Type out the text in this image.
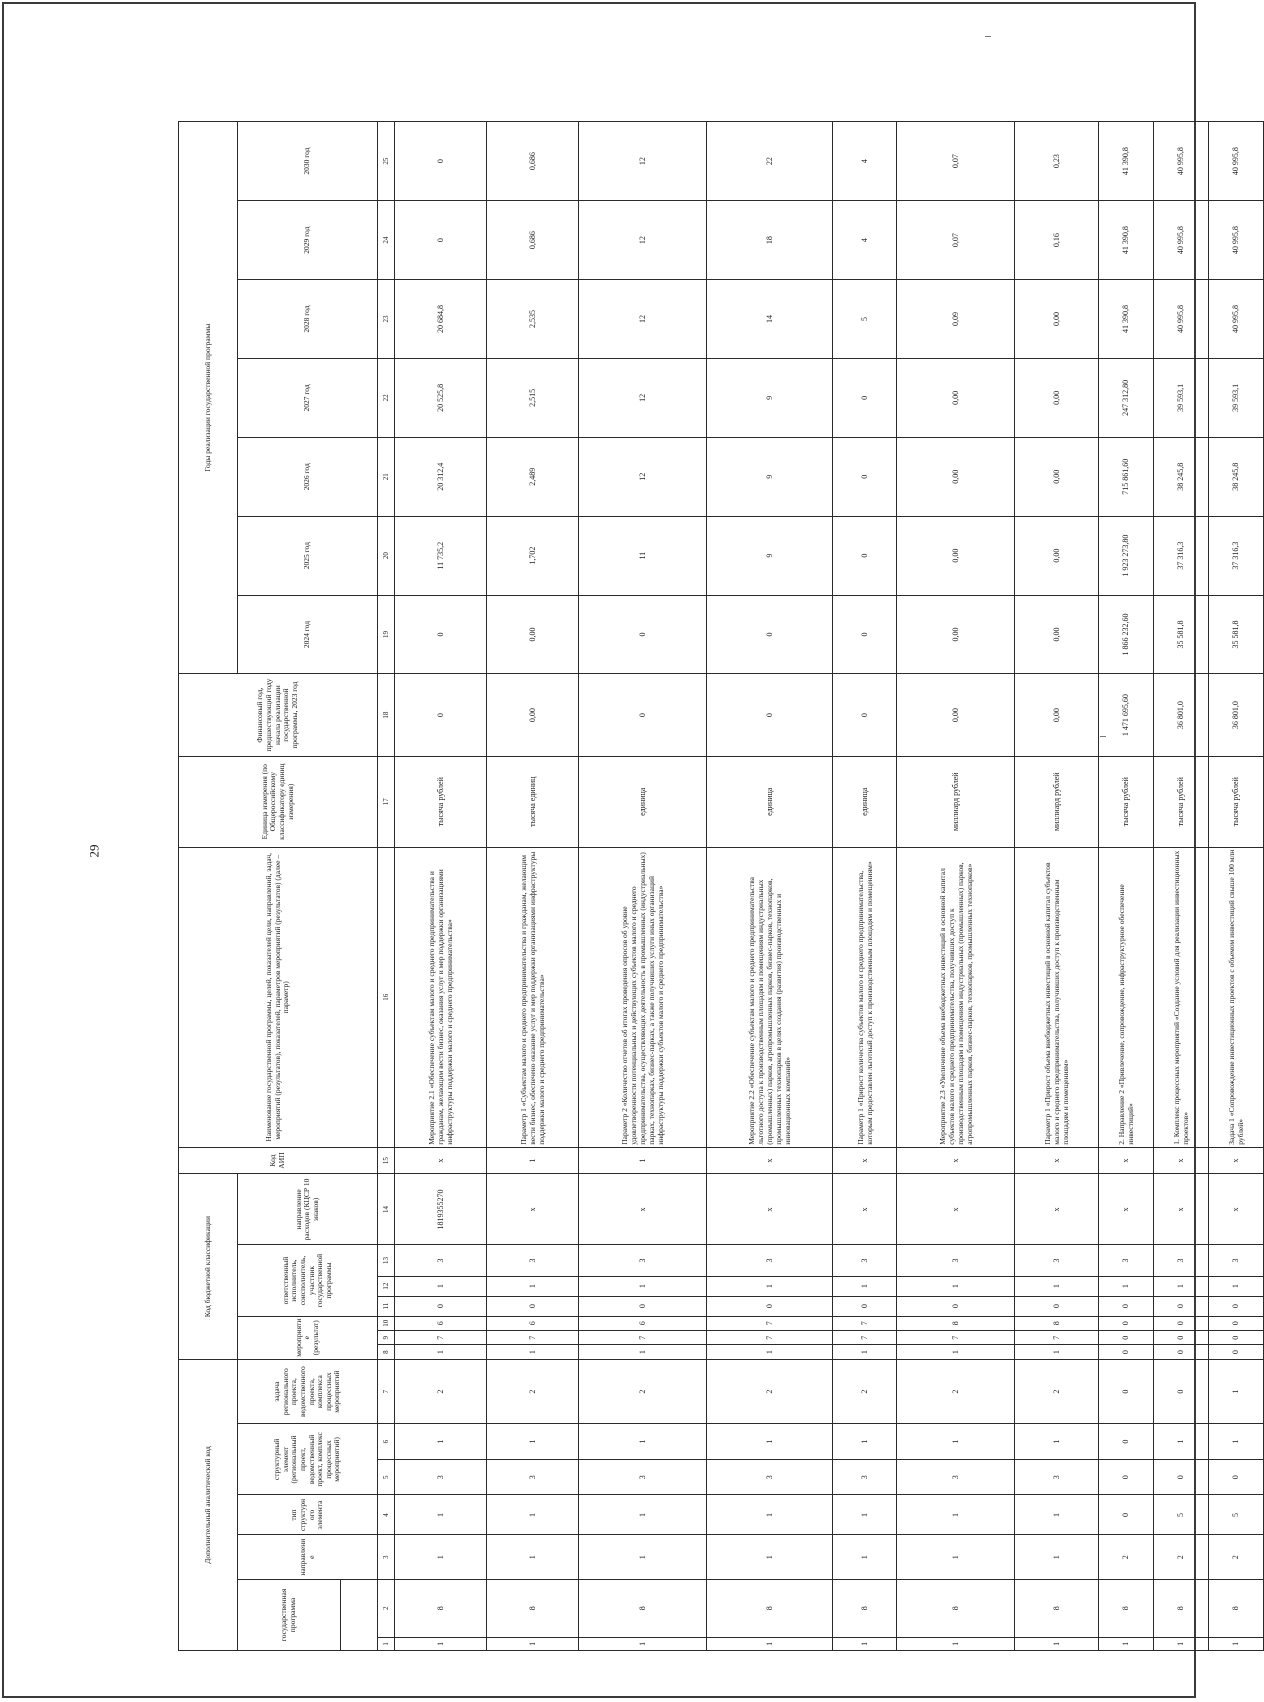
29
Дополнительный аналитический код							Код бюджетной классификации							Код АИП	Наименование государственной программы, целей, показателей цели, направлений, задач, мероприятий (результатов), показателей, параметров мероприятий (результатов) (далее – параметр)	Единица измерения (по Общероссийскому классификатору единиц измерения)	Финансовый год, предшествующий году начала реализации государственной программы, 2023 год	Годы реализации государственной программы						
государственная программа		направление	тип структурного элемента	структурный элемент (региональный проект, ведомственный проект, комплекс процессных мероприятий)		задача регионального проекта, ведомственного проекта, комплекса процессных мероприятий	мероприятие (результат)			ответственный исполнитель, соисполнитель, участник государственной программы			направление расходов (КЦСР 10 знаков)					2024 год	2025 год	2026 год	2027 год	2028 год	2029 год	2030 год

1	2	3	4	5	6	7	8	9	10	11	12	13	14	15	16	17	18	19	20	21	22	23	24	25
1	8	1	1	3	1	2	1	7	6	0	1	3	1819355270	х	Мероприятие 2.1 «Обеспечение субъектам малого и среднего предпринимательства и гражданам, желающим вести бизнес, оказания услуг и мер поддержки организациями инфраструктуры поддержки малого и среднего предпринимательства»	тысяча рублей	0	0	11 735,2	20 312,4	20 525,8	20 684,8	0	0
1	8	1	1	3	1	2	1	7	6	0	1	3	х	1	Параметр 1 «Субъектам малого и среднего предпринимательства и гражданам, желающим вести бизнес, обеспечено оказание услуг и мер поддержки организациями инфраструктуры поддержки малого и среднего предпринимательства»	тысяча единиц	0,00	0,00	1,702	2,489	2,515	2,535	0,686	0,686
1	8	1	1	3	1	2	1	7	6	0	1	3	х	1	Параметр 2 «Количество отчетов об итогах проведения опросов об уровне удовлетворенности потенциальных и действующих субъектов малого и среднего предпринимательства, осуществляющих деятельность в промышленных (индустриальных) парках, технопарках, бизнес-парках, а также получивших услуги иных организаций инфраструктуры поддержки субъектов малого и среднего предпринимательства»	единица	0	0	11	12	12	12	12	12
1	8	1	1	3	1	2	1	7	7	0	1	3	х	х	Мероприятие 2.2 «Обеспечение субъектам малого и среднего предпринимательства льготного доступа к производственным площадям и помещениям индустриальных (промышленных) парков, агропромышленных парков, бизнес-парков, технопарков, промышленных технопарков в целях создания (развития) производственных и инновационных компаний»	единица	0	0	9	9	9	14	18	22
1	8	1	1	3	1	2	1	7	7	0	1	3	х	х	Параметр 1 «Прирост количества субъектов малого и среднего предпринимательства, которым предоставлен льготный доступ к производственным площадям и помещениям»	единица	0	0	0	0	0	5	4	4
1	8	1	1	3	1	2	1	7	8	0	1	3	х	х	Мероприятие 2.3 «Увеличение объема внебюджетных инвестиций в основной капитал субъектов малого и среднего предпринимательства, получивших доступ к производственным площадям и помещениям индустриальных (промышленных) парков, агропромышленных парков, бизнес-парков, технопарков, промышленных технопарков»	миллиард рублей	0,00	0,00	0,00	0,00	0,00	0,09	0,07	0,07
1	8	1	1	3	1	2	1	7	8	0	1	3	х	х	Параметр 1 «Прирост объема внебюджетных инвестиций в основной капитал субъектов малого и среднего предпринимательства, получивших доступ к производственным площадям и помещениям»	миллиард рублей	0,00	0,00	0,00	0,00	0,00	0,00	0,16	0,23
1	8	2	0	0	0	0	0	0	0	0	1	3	х	х	2. Направление 2 «Привлечение, сопровождение, инфраструктурное обеспечение инвестиций»	тысяча рублей	1 471 695,60	1 866 232,60	1 923 273,80	715 861,60	247 312,80	41 390,8	41 390,8	41 390,8
1	8	2	5	0	1	0	0	0	0	0	1	3	х	х	1. Комплекс процессных мероприятий «Создание условий для реализации инвестиционных проектов»	тысяча рублей	36 801,0	35 581,8	37 316,3	38 245,8	39 593,1	40 995,8	40 995,8	40 995,8
1	8	2	5	0	1	1	0	0	0	0	1	3	х	х	Задача 1 «Сопровождение инвестиционных проектов с объемом инвестиций свыше 100 млн рублей»	тысяча рублей	36 801,0	35 581,8	37 316,3	38 245,8	39 593,1	40 995,8	40 995,8	40 995,8
